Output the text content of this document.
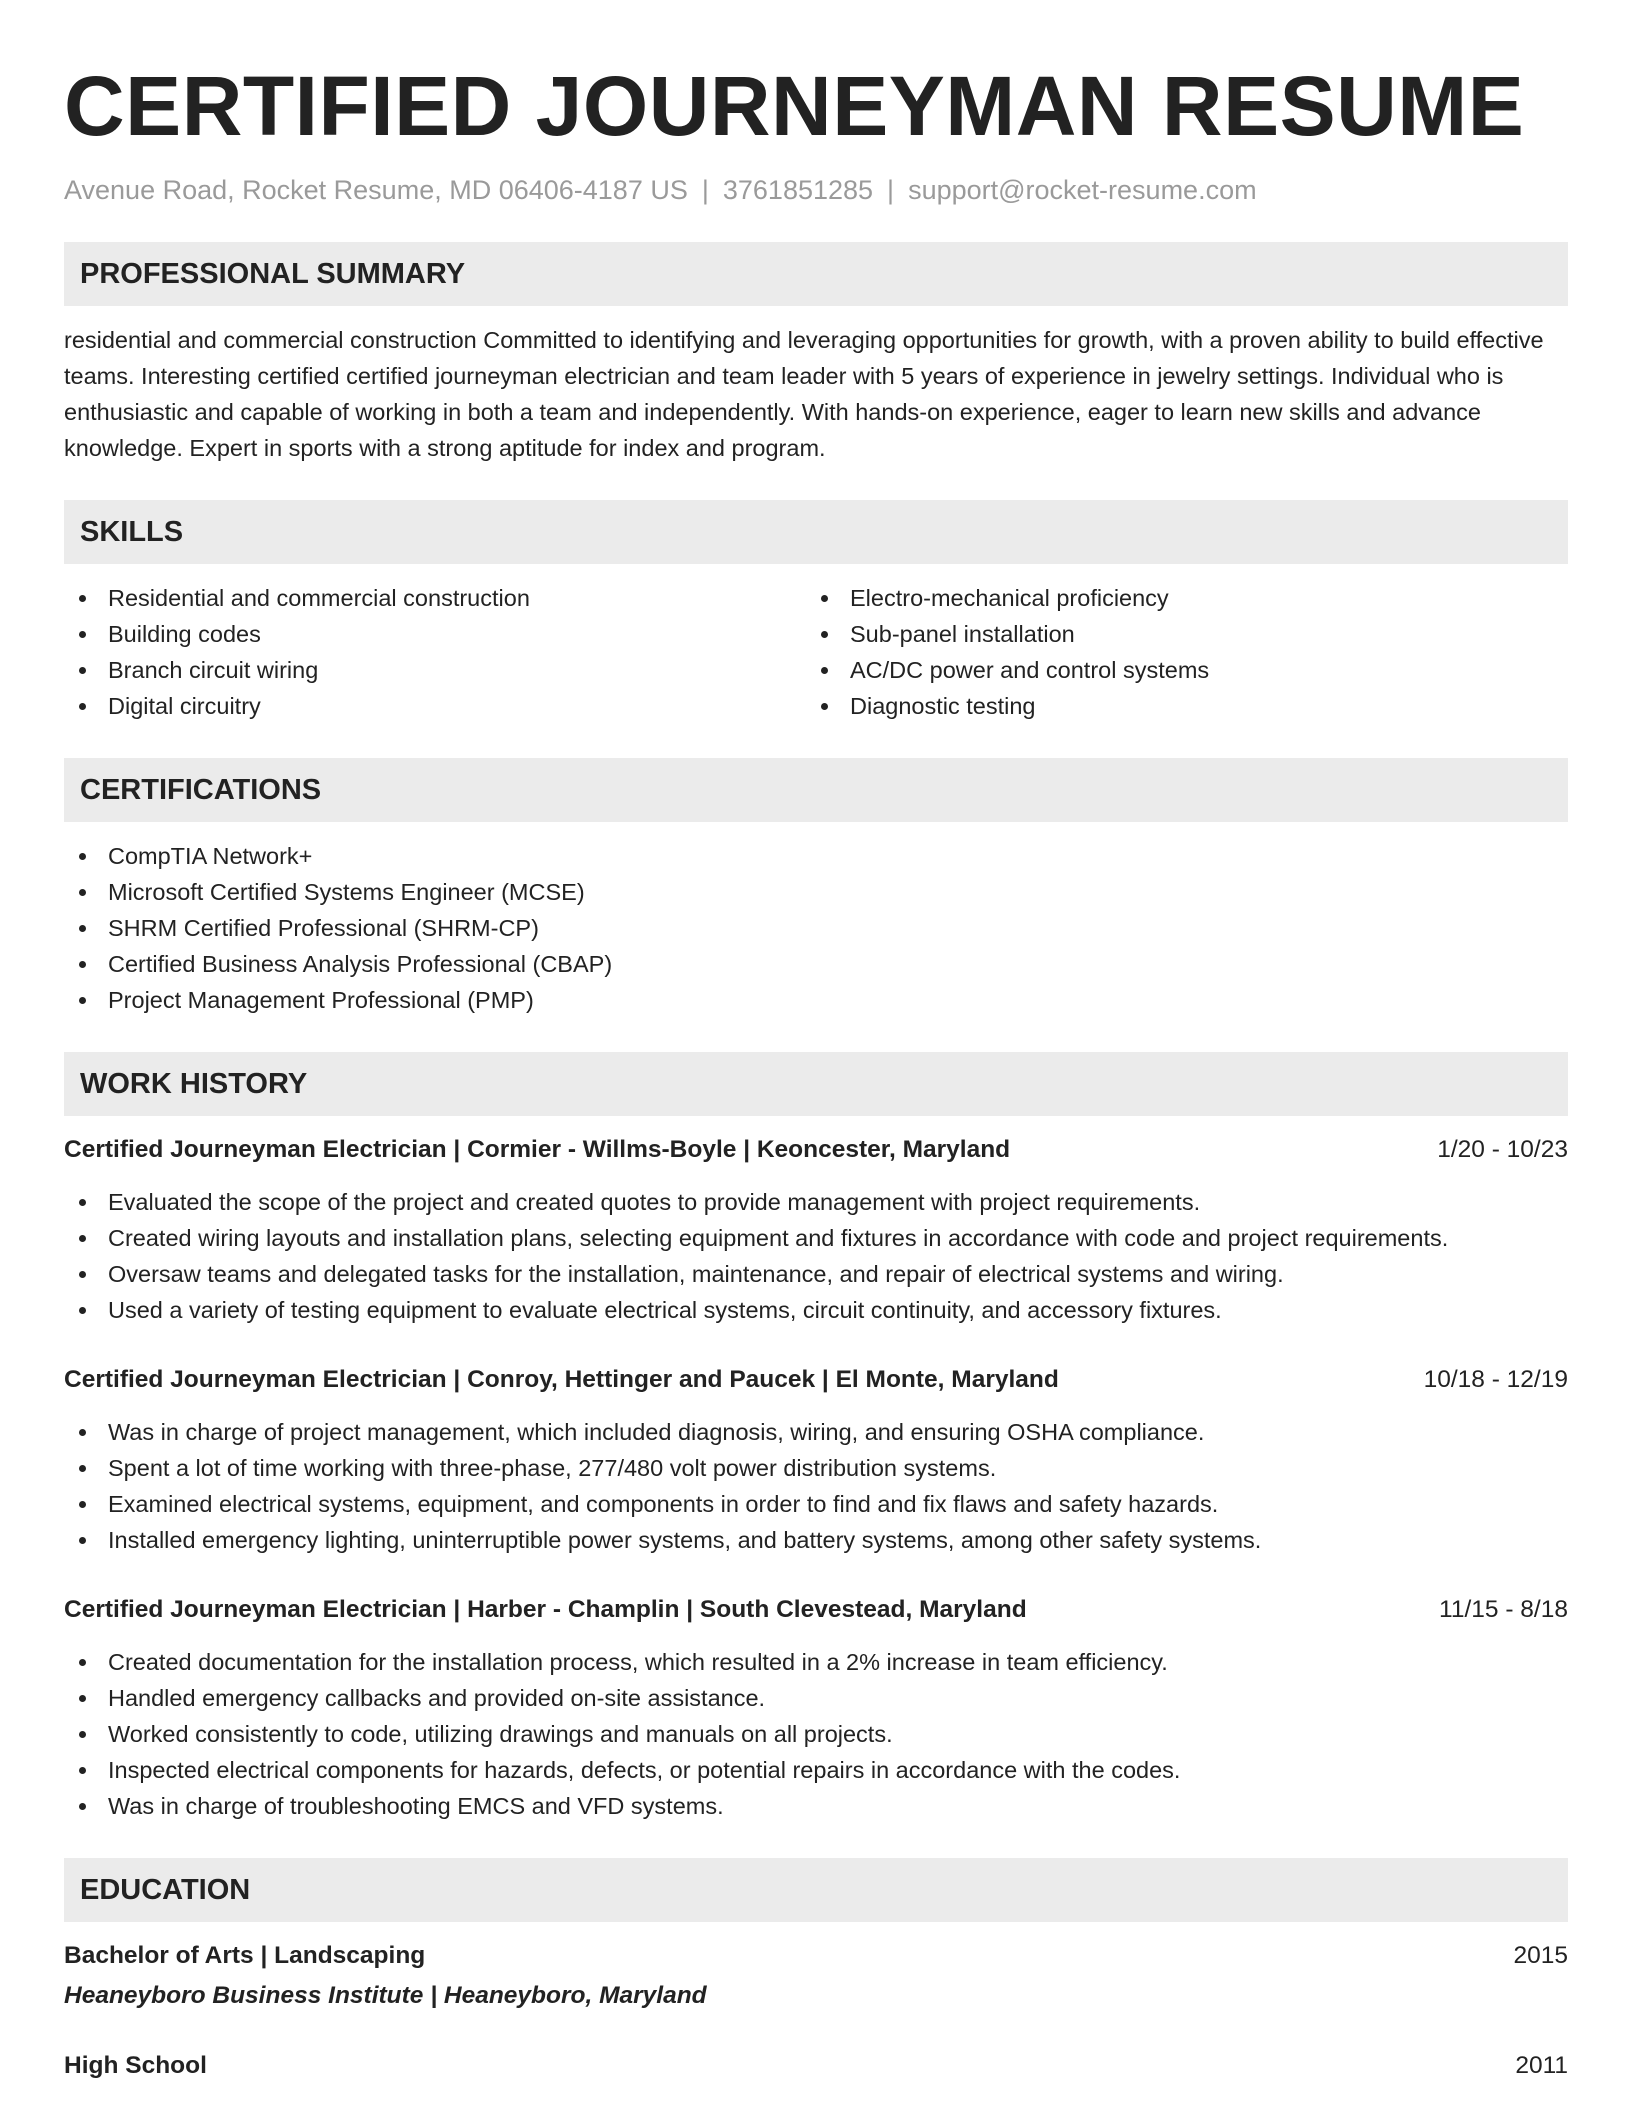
CERTIFIED JOURNEYMAN RESUME
Avenue Road, Rocket Resume, MD 06406-4187 US | 3761851285 | support@rocket-resume.com
PROFESSIONAL SUMMARY
residential and commercial construction Committed to identifying and leveraging opportunities for growth, with a proven ability to build effective teams. Interesting certified certified journeyman electrician and team leader with 5 years of experience in jewelry settings. Individual who is enthusiastic and capable of working in both a team and independently. With hands-on experience, eager to learn new skills and advance knowledge. Expert in sports with a strong aptitude for index and program.
SKILLS
Residential and commercial construction
Building codes
Branch circuit wiring
Digital circuitry
Electro-mechanical proficiency
Sub-panel installation
AC/DC power and control systems
Diagnostic testing
CERTIFICATIONS
CompTIA Network+
Microsoft Certified Systems Engineer (MCSE)
SHRM Certified Professional (SHRM-CP)
Certified Business Analysis Professional (CBAP)
Project Management Professional (PMP)
WORK HISTORY
Certified Journeyman Electrician | Cormier - Willms-Boyle | Keoncester, Maryland	1/20 - 10/23
Evaluated the scope of the project and created quotes to provide management with project requirements.
Created wiring layouts and installation plans, selecting equipment and fixtures in accordance with code and project requirements.
Oversaw teams and delegated tasks for the installation, maintenance, and repair of electrical systems and wiring.
Used a variety of testing equipment to evaluate electrical systems, circuit continuity, and accessory fixtures.
Certified Journeyman Electrician | Conroy, Hettinger and Paucek | El Monte, Maryland	10/18 - 12/19
Was in charge of project management, which included diagnosis, wiring, and ensuring OSHA compliance.
Spent a lot of time working with three-phase, 277/480 volt power distribution systems.
Examined electrical systems, equipment, and components in order to find and fix flaws and safety hazards.
Installed emergency lighting, uninterruptible power systems, and battery systems, among other safety systems.
Certified Journeyman Electrician | Harber - Champlin | South Clevestead, Maryland	11/15 - 8/18
Created documentation for the installation process, which resulted in a 2% increase in team efficiency.
Handled emergency callbacks and provided on-site assistance.
Worked consistently to code, utilizing drawings and manuals on all projects.
Inspected electrical components for hazards, defects, or potential repairs in accordance with the codes.
Was in charge of troubleshooting EMCS and VFD systems.
EDUCATION
Bachelor of Arts | Landscaping	2015
Heaneyboro Business Institute | Heaneyboro, Maryland
High School	2011
